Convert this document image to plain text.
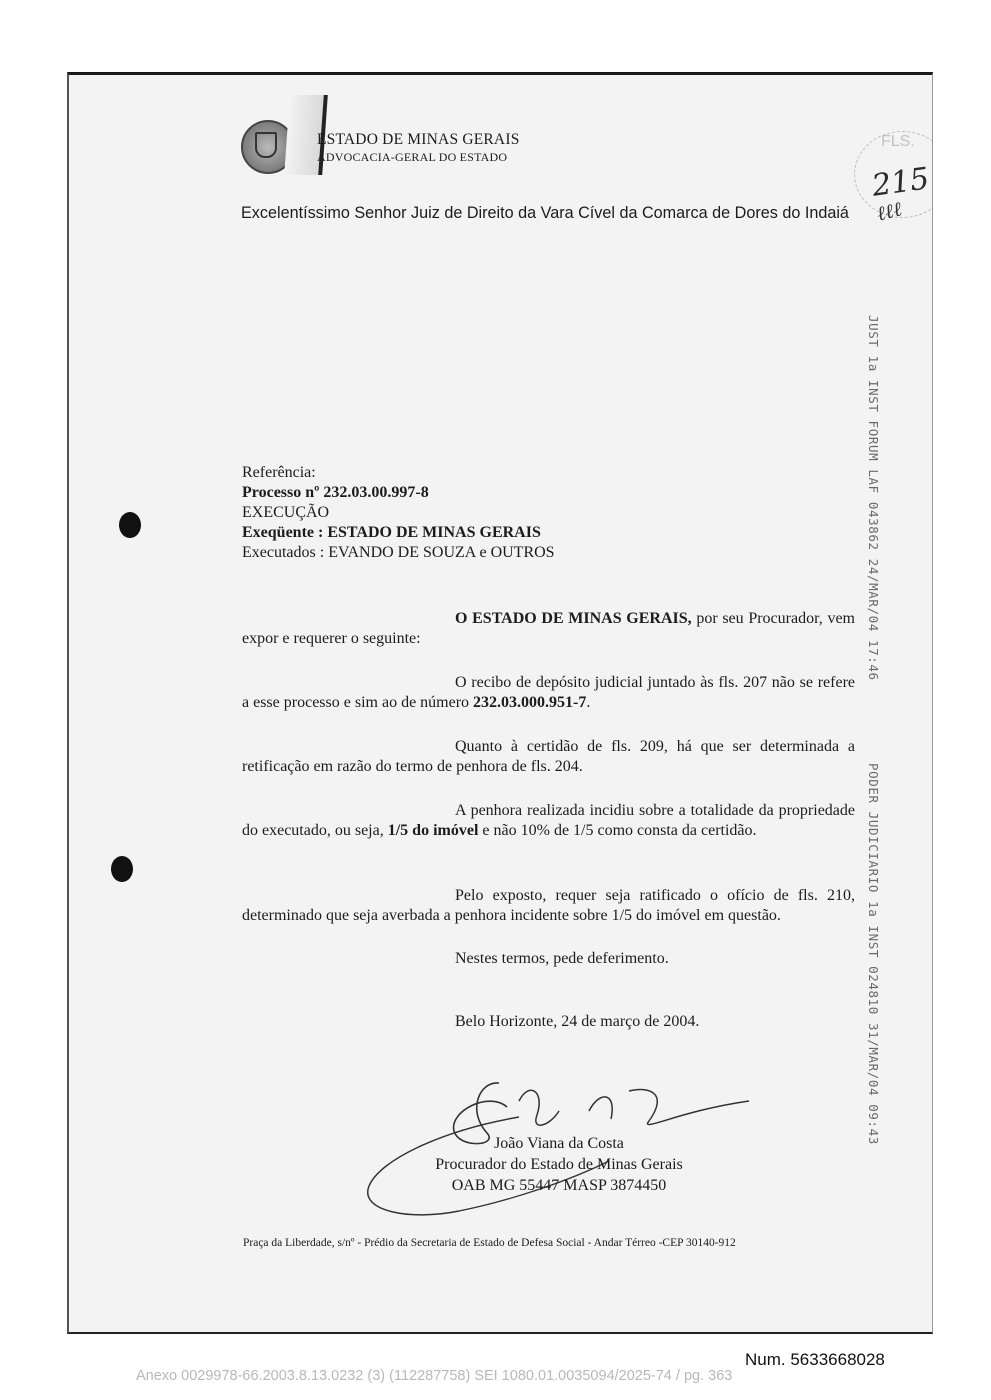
ESTADO DE MINAS GERAIS
ADVOCACIA-GERAL DO ESTADO
FLS.
215
ℓℓℓ
Excelentíssimo Senhor Juiz de Direito da Vara Cível da Comarca de Dores do Indaiá
JUST 1a INST FORUM LAF 043862 24/MAR/04 17:46
PODER JUDICIARIO 1a INST 024810 31/MAR/04 09:43
Referência:
Processo nº 232.03.00.997-8
EXECUÇÃO
Exeqüente : ESTADO DE MINAS GERAIS
Executados : EVANDO DE SOUZA e OUTROS
O ESTADO DE MINAS GERAIS, por seu Procurador, vem expor e requerer o seguinte:
O recibo de depósito judicial juntado às fls. 207 não se refere a esse processo e sim ao de número 232.03.000.951-7.
Quanto à certidão de fls. 209, há que ser determinada a retificação em razão do termo de penhora de fls. 204.
A penhora realizada incidiu sobre a totalidade da propriedade do executado, ou seja, 1/5 do imóvel e não 10% de 1/5 como consta da certidão.
Pelo exposto, requer seja ratificado o ofício de fls. 210, determinado que seja averbada a penhora incidente sobre 1/5 do imóvel em questão.
Nestes termos, pede deferimento.
Belo Horizonte, 24 de março de 2004.
João Viana da Costa
Procurador do Estado de Minas Gerais
OAB MG 55447 MASP 3874450
Praça da Liberdade, s/nº - Prédio da Secretaria de Estado de Defesa Social - Andar Térreo -CEP 30140-912
Num. 5633668028
Anexo 0029978-66.2003.8.13.0232 (3) (112287758) SEI 1080.01.0035094/2025-74 / pg. 363
